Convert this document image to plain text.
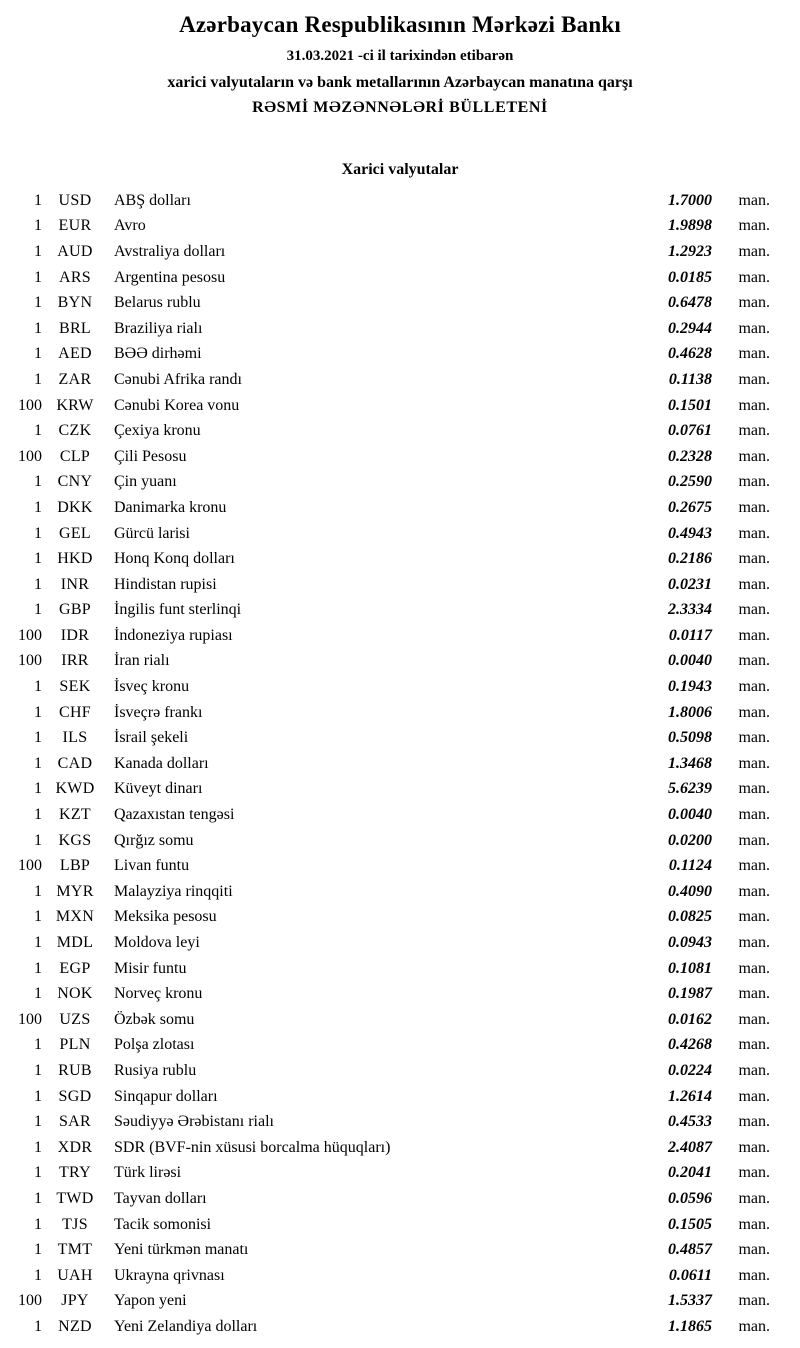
Azərbaycan Respublikasının Mərkəzi Bankı
31.03.2021 -ci il tarixindən etibarən
xarici valyutaların və bank metallarının Azərbaycan manatına qarşı
RƏSMİ MƏZƏNNƏLƏRİ BÜLLETENİ
Xarici valyutalar
1	USD	ABŞ dolları	1.7000	man.
1	EUR	Avro	1.9898	man.
1 AUD	Avstraliya dolları	1.2923	man.
1	ARS	Argentina pesosu	0.0185	man.
1 BYN	Belarus rublu	0.6478	man.
1	BRL	Braziliya rialı	0.2944	man.
1	AED	BƏƏ dirhəmi	0.4628	man.
1	ZAR	Cənubi Afrika randı	0.1138	man.
100 KRW	Cənubi Korea vonu	0.1501	man.
1	CZK	Çexiya kronu	0.0761	man.
100	CLP	Çili Pesosu	0.2328	man.
1 CNY	Çin yuanı	0.2590	man.
1 DKK	Danimarka kronu	0.2675	man.
1	GEL	Gürcü larisi	0.4943	man.
1 HKD	Honq Konq dolları	0.2186	man.
1	INR	Hindistan rupisi	0.0231	man.
1	GBP	İngilis funt sterlinqi	2.3334	man.
100	IDR	İndoneziya rupiası	0.0117	man.
100	IRR	İran rialı	0.0040	man.
1	SEK	İsveç kronu	0.1943	man.
1	CHF	İsveçrə frankı	1.8006	man.
1	ILS	İsrail şekeli	0.5098	man.
1 CAD	Kanada dolları	1.3468	man.
1 KWD	Küveyt dinarı	5.6239	man.
1	KZT	Qazaxıstan tengəsi	0.0040	man.
1	KGS	Qırğız somu	0.0200	man.
100	LBP	Livan funtu	0.1124	man.
1 MYR	Malayziya rinqqiti	0.4090	man.
1 MXN	Meksika pesosu	0.0825	man.
1 MDL	Moldova leyi	0.0943	man.
1	EGP	Misir funtu	0.1081	man.
1 NOK	Norveç kronu	0.1987	man.
100	UZS	Özbək somu	0.0162	man.
1	PLN	Polşa zlotası	0.4268	man.
1	RUB	Rusiya rublu	0.0224	man.
1	SGD	Sinqapur dolları	1.2614	man.
1	SAR	Səudiyyə Ərəbistanı rialı	0.4533	man.
1 XDR	SDR (BVF-nin xüsusi borcalma hüquqları)	2.4087	man.
1	TRY	Türk lirəsi	0.2041	man.
1 TWD	Tayvan dolları	0.0596	man.
1	TJS	Tacik somonisi	0.1505	man.
1 TMT	Yeni türkmən manatı	0.4857	man.
1 UAH	Ukrayna qrivnası	0.0611	man.
100	JPY	Yapon yeni	1.5337	man.
1	NZD	Yeni Zelandiya dolları	1.1865	man.
